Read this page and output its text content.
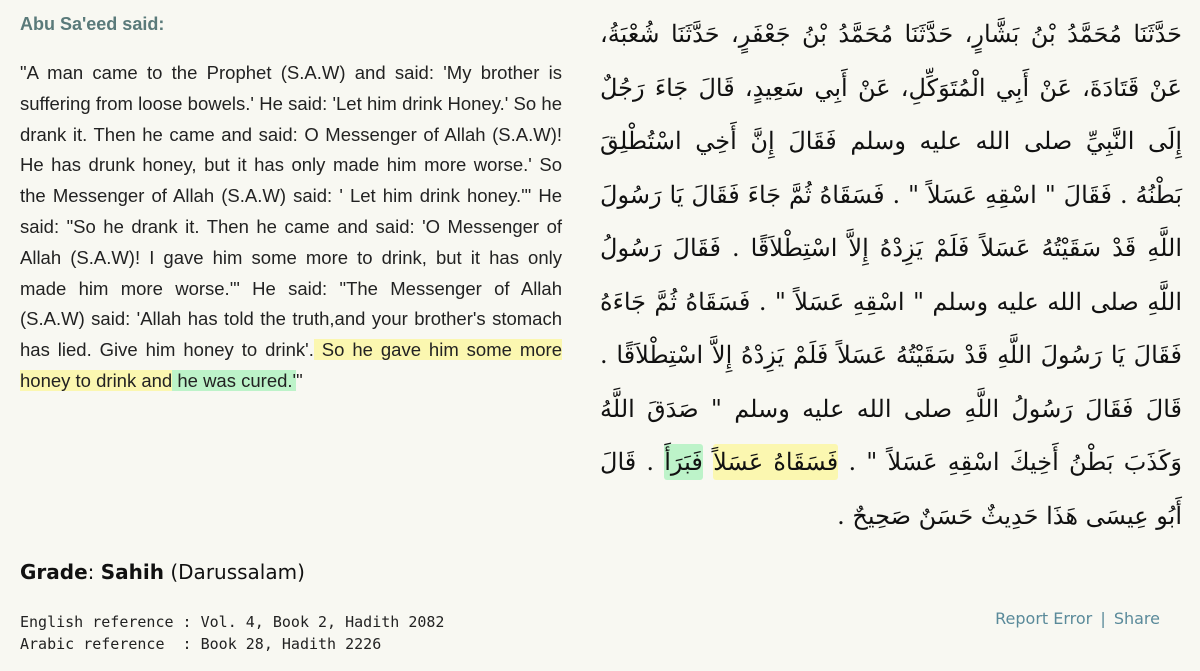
Abu Sa'eed said:
"A man came to the Prophet (S.A.W) and said: 'My brother is suffering from loose bowels.' He said: 'Let him drink Honey.' So he drank it. Then he came and said: O Messenger of Allah (S.A.W)! He has drunk honey, but it has only made him more worse.' So the Messenger of Allah (S.A.W) said: ' Let him drink honey.'" He said: "So he drank it. Then he came and said: 'O Messenger of Allah (S.A.W)! I gave him some more to drink, but it has only made him more worse.'" He said: "The Messenger of Allah (S.A.W) said: 'Allah has told the truth,and your brother's stomach has lied. Give him honey to drink'. So he gave him some more honey to drink and he was cured.'"
حَدَّثَنَا مُحَمَّدُ بْنُ بَشَّارٍ، حَدَّثَنَا مُحَمَّدُ بْنُ جَعْفَرٍ، حَدَّثَنَا شُعْبَةُ، عَنْ قَتَادَةَ، عَنْ أَبِي الْمُتَوَكِّلِ، عَنْ أَبِي سَعِيدٍ، قَالَ جَاءَ رَجُلٌ إِلَى النَّبِيِّ صلى الله عليه وسلم فَقَالَ إِنَّ أَخِي اسْتُطْلِقَ بَطْنُهُ ‏.‏ فَقَالَ ‏"‏ اسْقِهِ عَسَلاً ‏"‏ ‏.‏ فَسَقَاهُ ثُمَّ جَاءَ فَقَالَ يَا رَسُولَ اللَّهِ قَدْ سَقَيْتُهُ عَسَلاً فَلَمْ يَزِدْهُ إِلاَّ اسْتِطْلاَقًا ‏.‏ فَقَالَ رَسُولُ اللَّهِ صلى الله عليه وسلم ‏"‏ اسْقِهِ عَسَلاً ‏"‏ ‏.‏ فَسَقَاهُ ثُمَّ جَاءَهُ فَقَالَ يَا رَسُولَ اللَّهِ قَدْ سَقَيْتُهُ عَسَلاً فَلَمْ يَزِدْهُ إِلاَّ اسْتِطْلاَقًا ‏.‏ قَالَ فَقَالَ رَسُولُ اللَّهِ صلى الله عليه وسلم ‏"‏ صَدَقَ اللَّهُ وَكَذَبَ بَطْنُ أَخِيكَ اسْقِهِ عَسَلاً ‏"‏ ‏.‏ فَسَقَاهُ عَسَلاً فَبَرَأَ ‏.‏ قَالَ أَبُو عِيسَى هَذَا حَدِيثٌ حَسَنٌ صَحِيحٌ ‏.‏
Grade: Sahih (Darussalam)
English reference : Vol. 4, Book 2, Hadith 2082
Arabic reference  : Book 28, Hadith 2226
Report Error | Share
